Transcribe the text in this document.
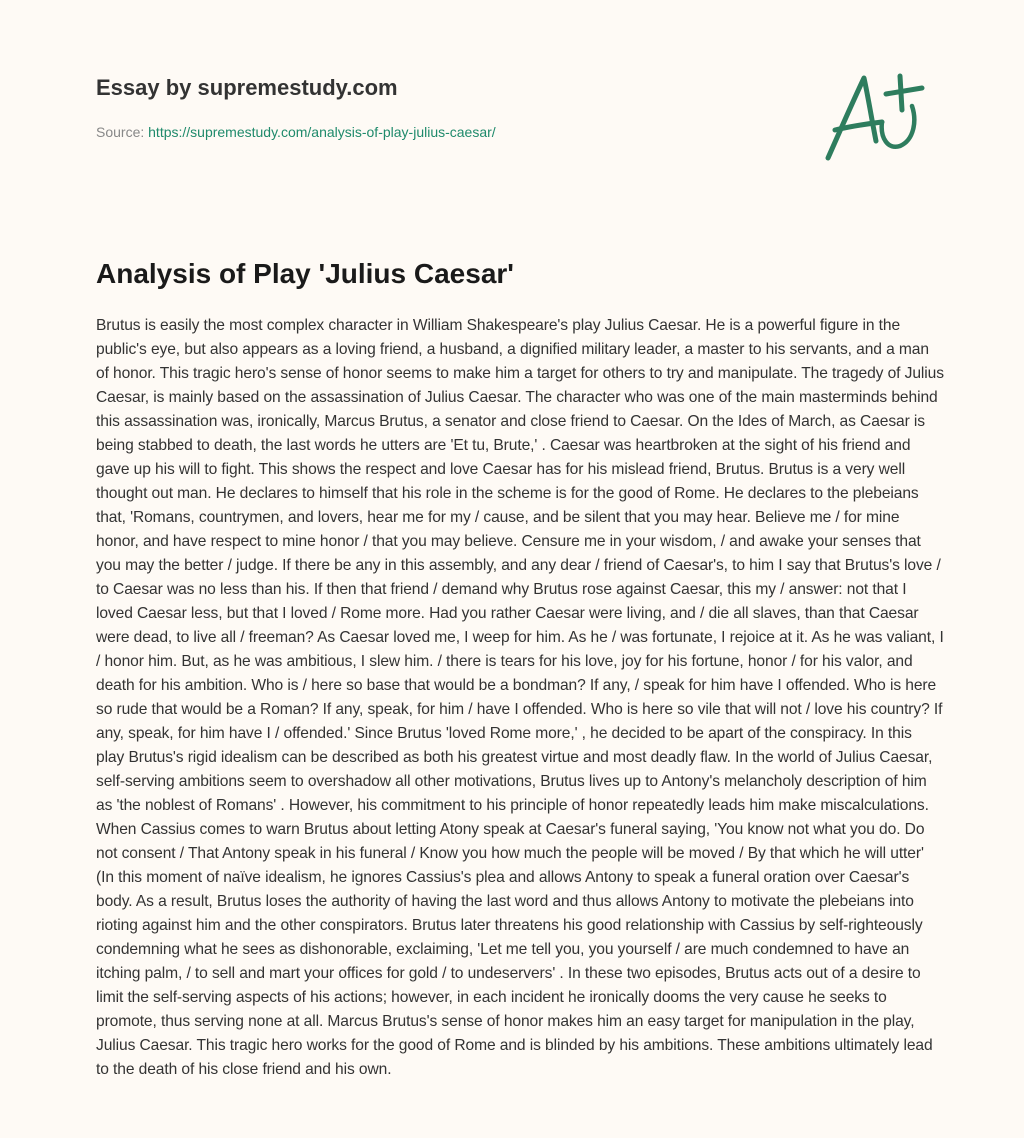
Essay by supremestudy.com
Source: https://supremestudy.com/analysis-of-play-julius-caesar/
Analysis of Play 'Julius Caesar'

Brutus is easily the most complex character in William Shakespeare's play Julius Caesar. He is a powerful figure in the public's eye, but also appears as a loving friend, a husband, a dignified military leader, a master to his servants, and a man of honor. This tragic hero's sense of honor seems to make him a target for others to try and manipulate. The tragedy of Julius Caesar, is mainly based on the assassination of Julius Caesar. The character who was one of the main masterminds behind this assassination was, ironically, Marcus Brutus, a senator and close friend to Caesar. On the Ides of March, as Caesar is being stabbed to death, the last words he utters are 'Et tu, Brute,' . Caesar was heartbroken at the sight of his friend and gave up his will to fight. This shows the respect and love Caesar has for his mislead friend, Brutus. Brutus is a very well thought out man. He declares to himself that his role in the scheme is for the good of Rome. He declares to the plebeians that, 'Romans, countrymen, and lovers, hear me for my / cause, and be silent that you may hear. Believe me / for mine honor, and have respect to mine honor / that you may believe. Censure me in your wisdom, / and awake your senses that you may the better / judge. If there be any in this assembly, and any dear / friend of Caesar's, to him I say that Brutus's love / to Caesar was no less than his. If then that friend / demand why Brutus rose against Caesar, this my / answer: not that I loved Caesar less, but that I loved / Rome more. Had you rather Caesar were living, and / die all slaves, than that Caesar were dead, to live all / freeman? As Caesar loved me, I weep for him. As he / was fortunate, I rejoice at it. As he was valiant, I / honor him. But, as he was ambitious, I slew him. / there is tears for his love, joy for his fortune, honor / for his valor, and death for his ambition. Who is / here so base that would be a bondman? If any, / speak for him have I offended. Who is here so rude that would be a Roman? If any, speak, for him / have I offended. Who is here so vile that will not / love his country? If any, speak, for him have I / offended.' Since Brutus 'loved Rome more,' , he decided to be apart of the conspiracy. In this play Brutus's rigid idealism can be described as both his greatest virtue and most deadly flaw. In the world of Julius Caesar, self-serving ambitions seem to overshadow all other motivations, Brutus lives up to Antony's melancholy description of him as 'the noblest of Romans' . However, his commitment to his principle of honor repeatedly leads him make miscalculations. When Cassius comes to warn Brutus about letting Atony speak at Caesar's funeral saying, 'You know not what you do. Do not consent / That Antony speak in his funeral / Know you how much the people will be moved / By that which he will utter' (In this moment of naïve idealism, he ignores Cassius's plea and allows Antony to speak a funeral oration over Caesar's body. As a result, Brutus loses the authority of having the last word and thus allows Antony to motivate the plebeians into rioting against him and the other conspirators. Brutus later threatens his good relationship with Cassius by self-righteously condemning what he sees as dishonorable, exclaiming, 'Let me tell you, you yourself / are much condemned to have an itching palm, / to sell and mart your offices for gold / to undeservers' . In these two episodes, Brutus acts out of a desire to limit the self-serving aspects of his actions; however, in each incident he ironically dooms the very cause he seeks to promote, thus serving none at all. Marcus Brutus's sense of honor makes him an easy target for manipulation in the play, Julius Caesar. This tragic hero works for the good of Rome and is blinded by his ambitions. These ambitions ultimately lead to the death of his close friend and his own.
